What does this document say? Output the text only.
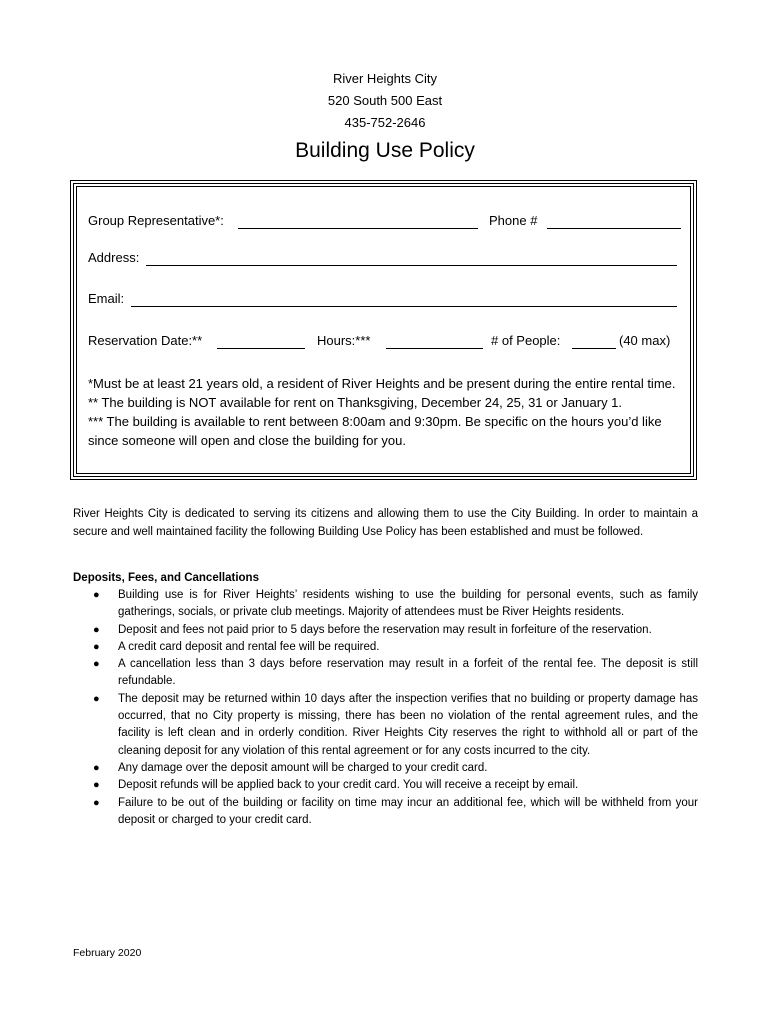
River Heights City
520 South 500 East
435-752-2646
Building Use Policy
Group Representative*:	Phone #
Address:
Email:
Reservation Date:**	Hours:***	# of People:	(40 max)

*Must be at least 21 years old, a resident of River Heights and be present during the entire rental time.

** The building is NOT available for rent on Thanksgiving, December 24, 25, 31 or January 1.

*** The building is available to rent between 8:00am and 9:30pm. Be specific on the hours you’d like since someone will open and close the building for you.

River Heights City is dedicated to serving its citizens and allowing them to use the City Building. In order to maintain a secure and well maintained facility the following Building Use Policy has been established and must be followed.
Deposits, Fees, and Cancellations
● Building use is for River Heights’ residents wishing to use the building for personal events, such as family gatherings, socials, or private club meetings. Majority of attendees must be River Heights residents.
● Deposit and fees not paid prior to 5 days before the reservation may result in forfeiture of the reservation.
● A credit card deposit and rental fee will be required.
● A cancellation less than 3 days before reservation may result in a forfeit of the rental fee. The deposit is still refundable.
● The deposit may be returned within 10 days after the inspection verifies that no building or property damage has occurred, that no City property is missing, there has been no violation of the rental agreement rules, and the facility is left clean and in orderly condition. River Heights City reserves the right to withhold all or part of the cleaning deposit for any violation of this rental agreement or for any costs incurred to the city.
● Any damage over the deposit amount will be charged to your credit card.
● Deposit refunds will be applied back to your credit card. You will receive a receipt by email.
● Failure to be out of the building or facility on time may incur an additional fee, which will be withheld from your deposit or charged to your credit card.
February 2020
